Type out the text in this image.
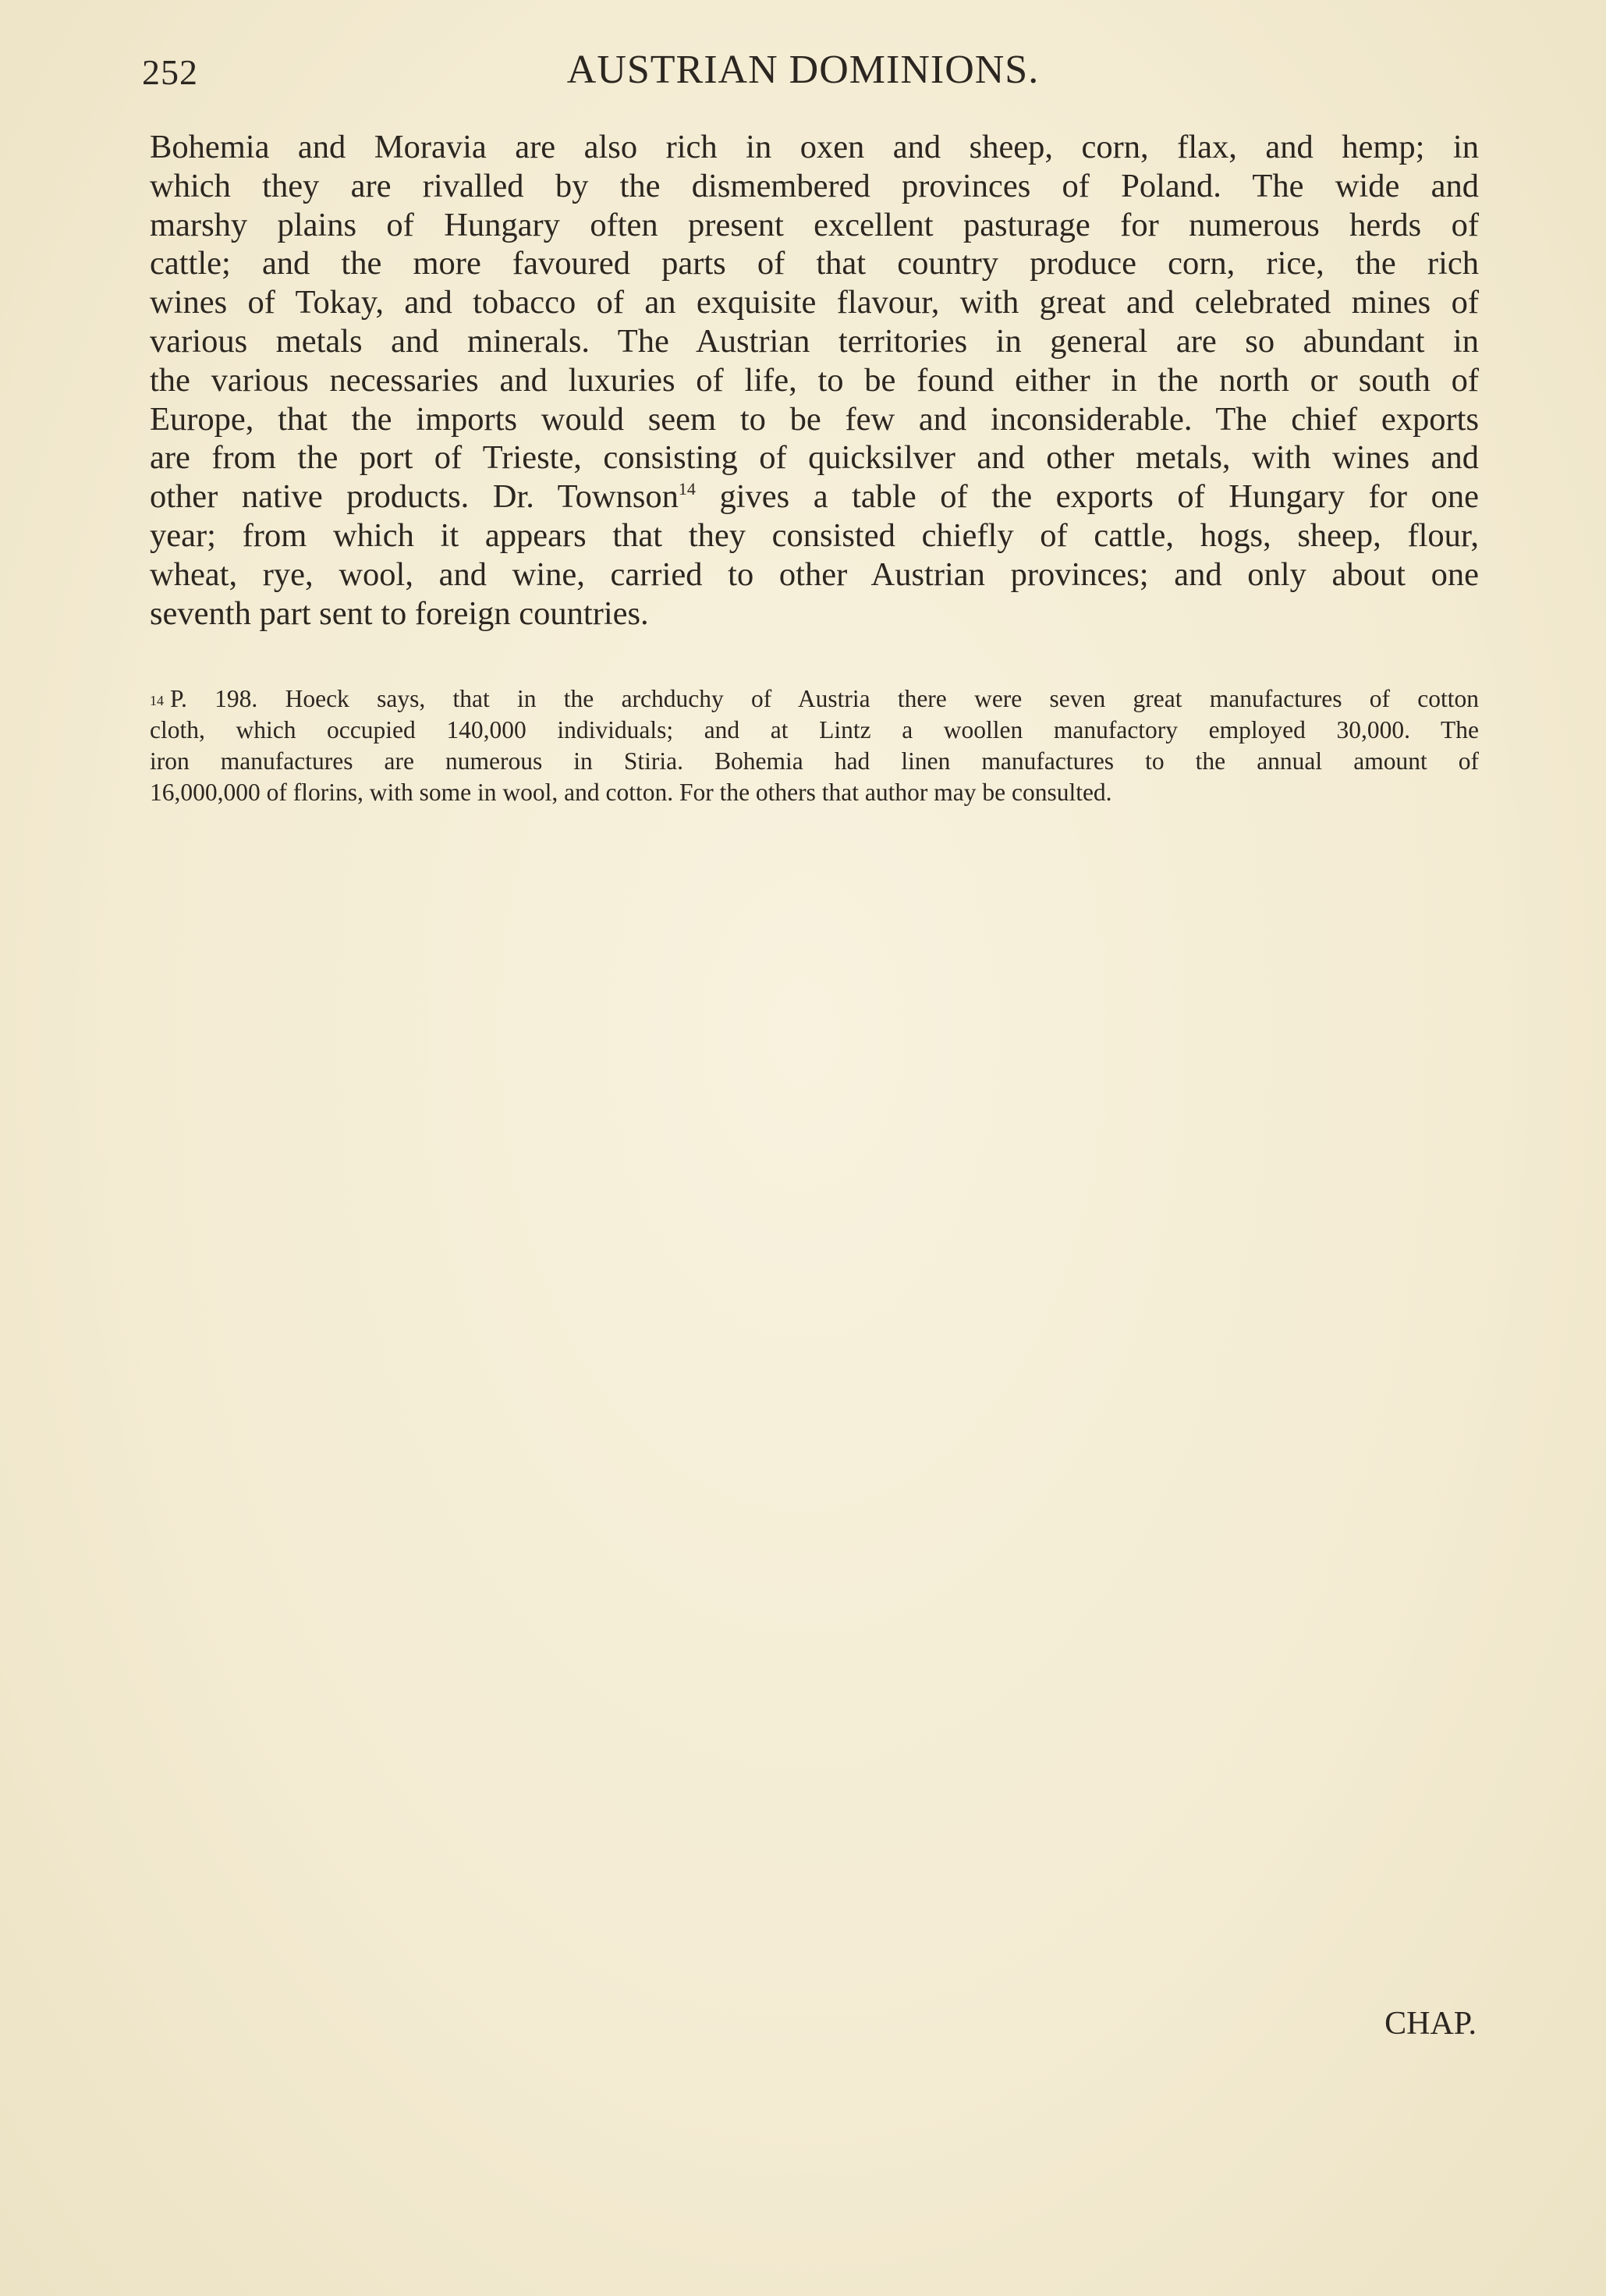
252	AUSTRIAN DOMINIONS.
Bohemia and Moravia are also rich in oxen and sheep, corn, flax, and hemp; in
which they are rivalled by the dismembered provinces of Poland. The wide and
marshy plains of Hungary often present excellent pasturage for numerous herds of
cattle; and the more favoured parts of that country produce corn, rice, the rich
wines of Tokay, and tobacco of an exquisite flavour, with great and celebrated mines of
various metals and minerals. The Austrian territories in general are so abundant in
the various necessaries and luxuries of life, to be found either in the north or south of
Europe, that the imports would seem to be few and inconsiderable. The chief exports
are from the port of Trieste, consisting of quicksilver and other metals, with wines and
other native products. Dr. Townson$^{14}$ gives a table of the exports of Hungary for one
year; from which it appears that they consisted chiefly of cattle, hogs, sheep, flour,
wheat, rye, wool, and wine, carried to other Austrian provinces; and only about one
seventh part sent to foreign countries.
$^{14}$ P. 198. Hoeck says, that in the archduchy of Austria there were seven great manufactures of cotton
cloth, which occupied 140,000 individuals; and at Lintz a woollen manufactory employed 30,000. The
iron manufactures are numerous in Stiria. Bohemia had linen manufactures to the annual amount of
16,000,000 of florins, with some in wool, and cotton. For the others that author may be consulted.
CHAP.
